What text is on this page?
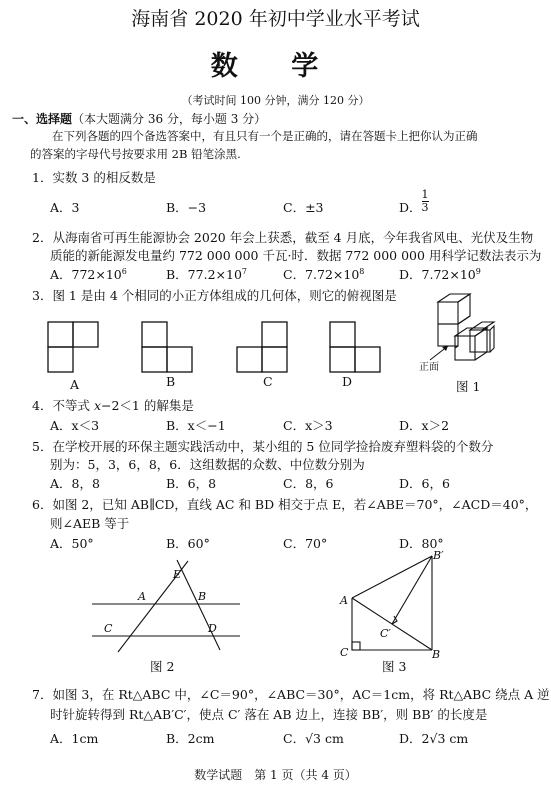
海南省 2020 年初中学业水平考试
数 学
（考试时间 100 分钟，满分 120 分）
一、选择题（本大题满分 36 分，每小题 3 分）
在下列各题的四个备选答案中，有且只有一个是正确的，请在答题卡上把你认为正确
的答案的字母代号按要求用 2B 铅笔涂黑.
1．实数 3 的相反数是
A．3	B．−3	C．±3	D． $\frac{1}{3}$
2．从海南省可再生能源协会 2020 年会上获悉，截至 4 月底，今年我省风电、光伏及生物
质能的新能源发电量约 772 000 000 千瓦·时．数据 772 000 000 用科学记数法表示为
A．$772\times 10^6$	B．$77.2\times 10^7$	C．$7.72\times 10^8$	D．$7.72\times 10^9$
3．图 1 是由 4 个相同的小正方体组成的几何体，则它的俯视图是
A	B	C	D
正面
图 1
4．不等式 x−2＜1 的解集是
A．x＜3	B．x＜−1	C．x＞3	D．x＞2
5．在学校开展的环保主题实践活动中，某小组的 5 位同学捡拾废弃塑料袋的个数分
别为：5，3，6，8，6．这组数据的众数、中位数分别为
A．8，8	B．6，8	C．8，6	D．6，6
6．如图 2，已知 AB∥CD，直线 AC 和 BD 相交于点 E，若∠ABE＝70°，∠ACD＝40°，
则∠AEB 等于
A．50°	B．60°	C．70°	D．80°
E
A	B
C	D
图 2
B′
A
C′
C	B
图 3
7．如图 3，在 Rt△ABC 中，∠C＝90°，∠ABC＝30°，AC＝1cm，将 Rt△ABC 绕点 A 逆
时针旋转得到 Rt△AB′C′，使点 C′ 落在 AB 边上，连接 BB′，则 BB′ 的长度是
A．1cm	B．2cm	C．√3 cm	D．2√3 cm
数学试题　第 1 页（共 4 页）
